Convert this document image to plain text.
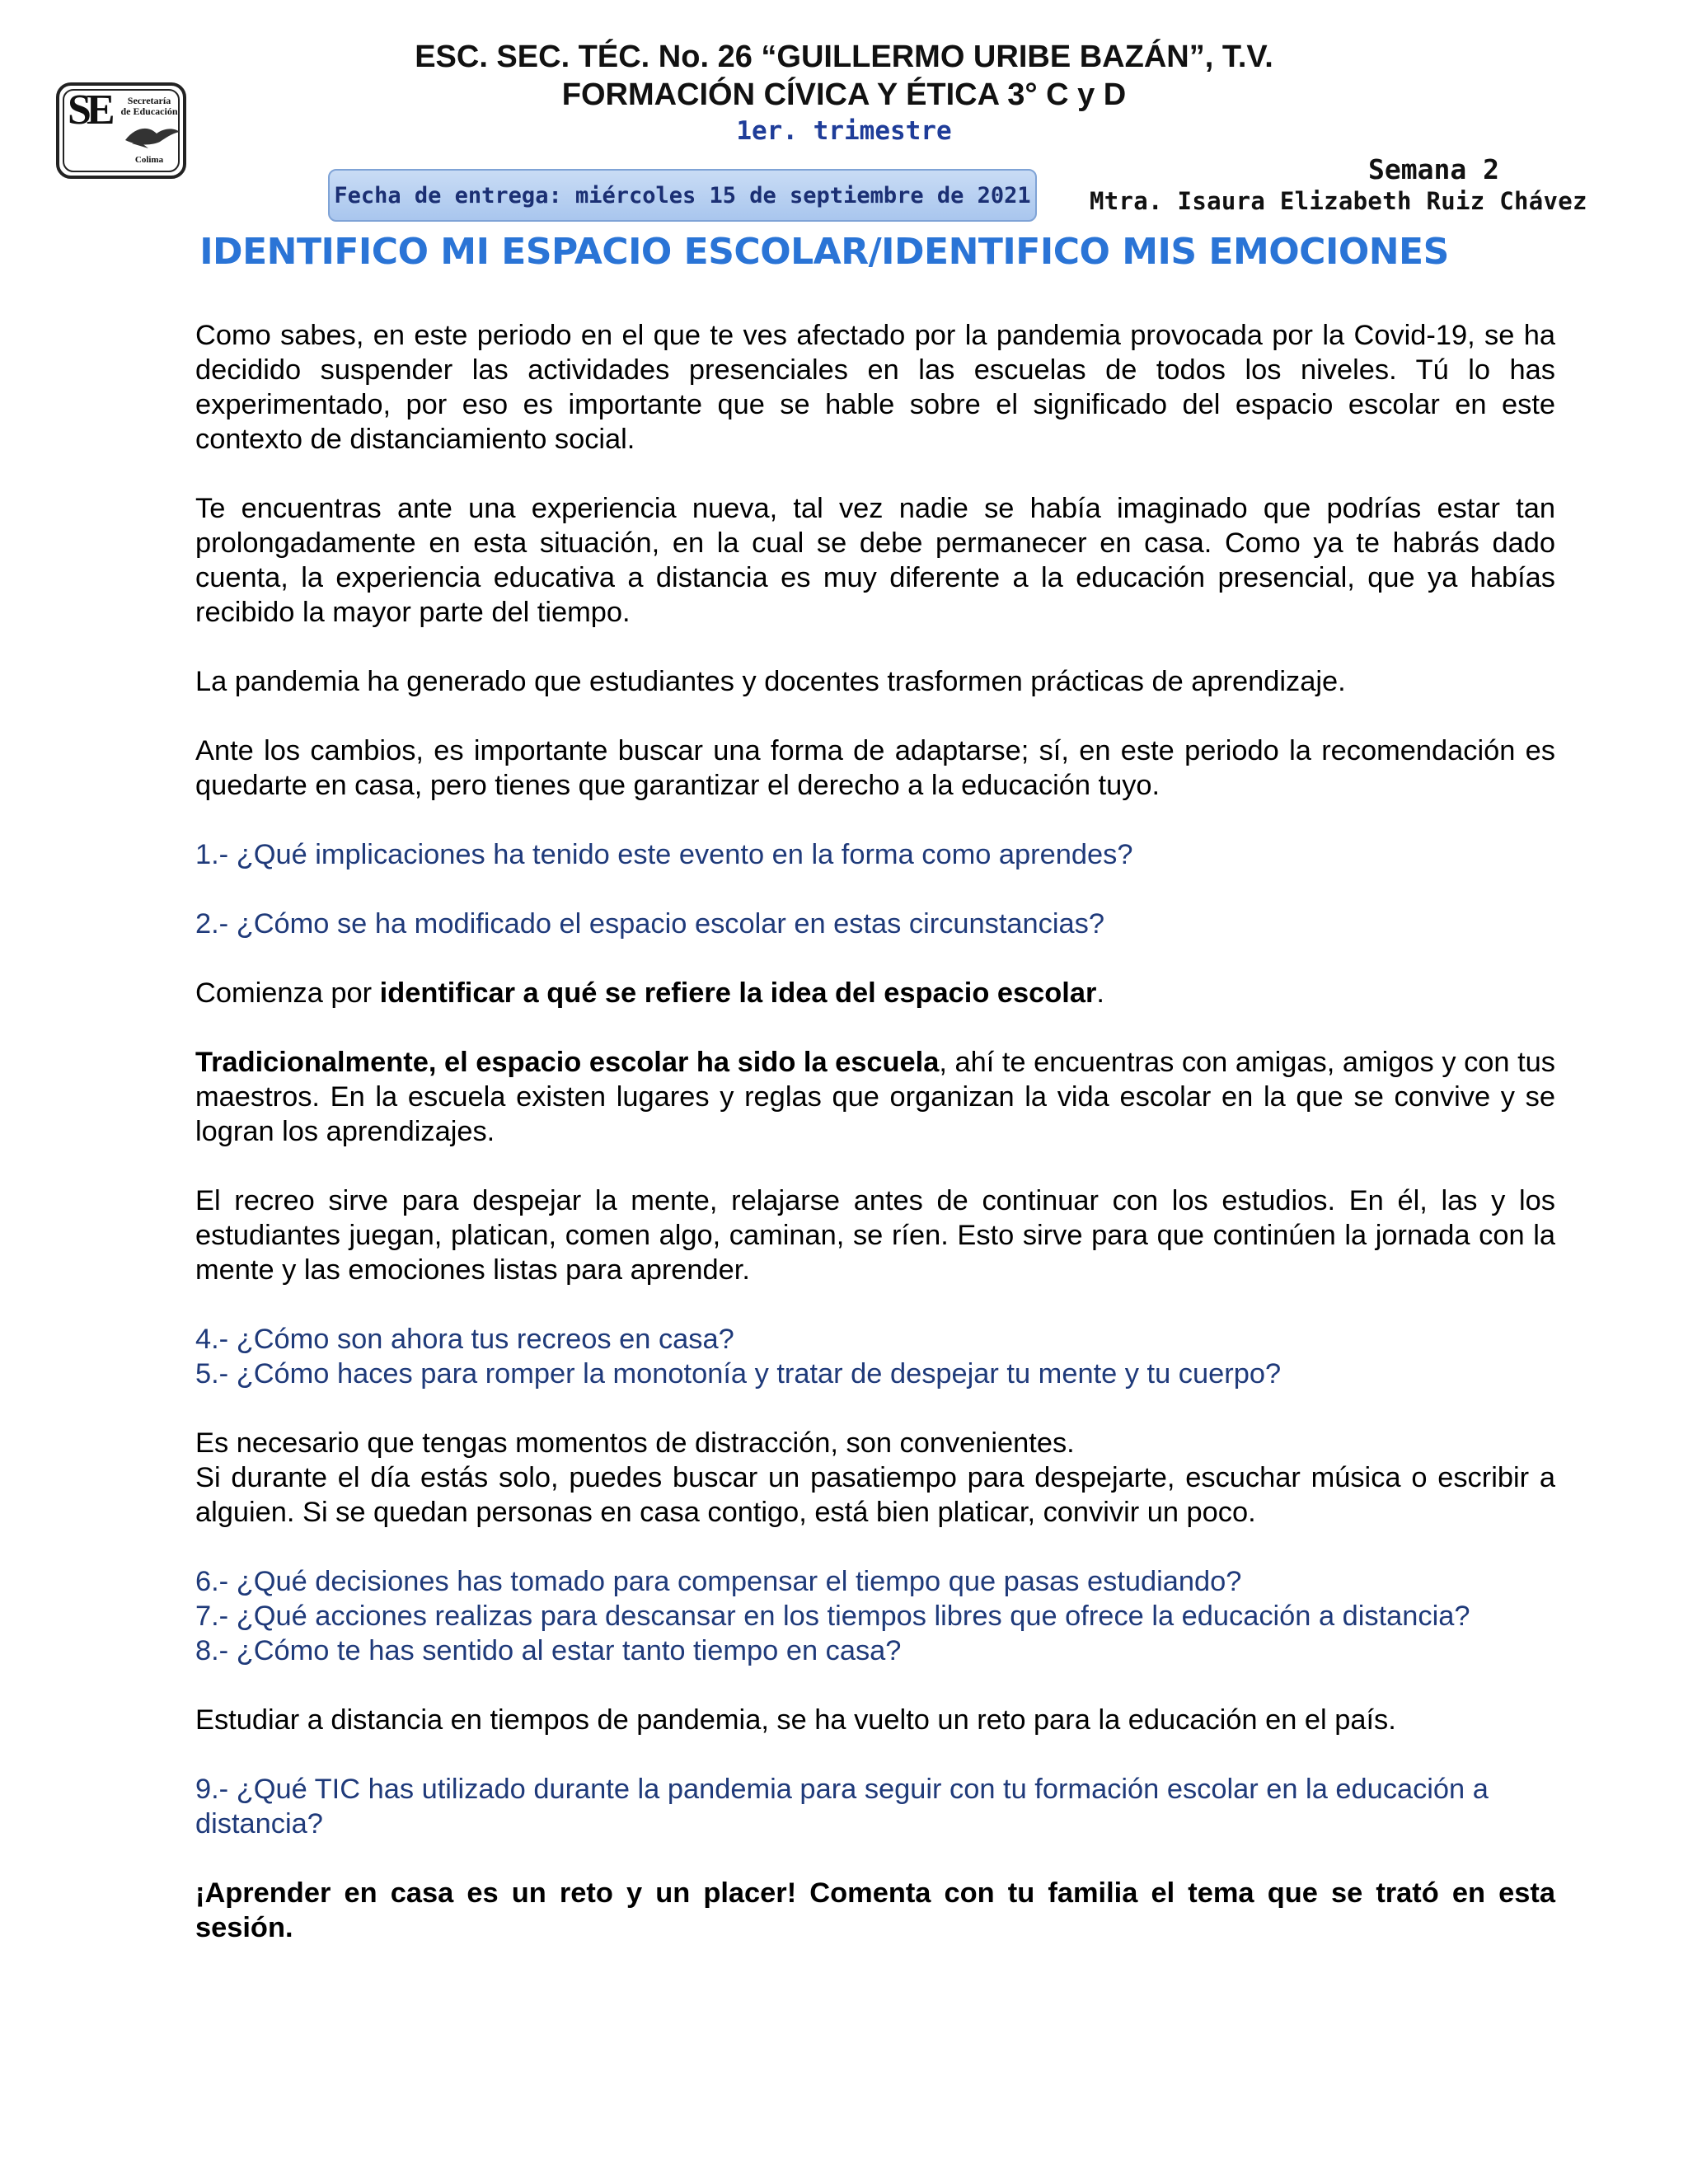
SE	Secretaría
de Educación
Colima
ESC. SEC. TÉC. No. 26 “GUILLERMO URIBE BAZÁN”, T.V.
FORMACIÓN CÍVICA Y ÉTICA 3° C y D
1er. trimestre
Semana 2
Fecha de entrega: miércoles 15 de septiembre de 2021 Mtra. Isaura Elizabeth Ruiz Chávez
IDENTIFICO MI ESPACIO ESCOLAR/IDENTIFICO MIS EMOCIONES

Como sabes, en este periodo en el que te ves afectado por la pandemia provocada por la Covid-19, se ha decidido suspender las actividades presenciales en las escuelas de todos los niveles. Tú lo has experimentado, por eso es importante que se hable sobre el significado del espacio escolar en este contexto de distanciamiento social.

Te encuentras ante una experiencia nueva, tal vez nadie se había imaginado que podrías estar tan prolongadamente en esta situación, en la cual se debe permanecer en casa. Como ya te habrás dado cuenta, la experiencia educativa a distancia es muy diferente a la educación presencial, que ya habías recibido la mayor parte del tiempo.

La pandemia ha generado que estudiantes y docentes trasformen prácticas de aprendizaje.

Ante los cambios, es importante buscar una forma de adaptarse; sí, en este periodo la recomendación es quedarte en casa, pero tienes que garantizar el derecho a la educación tuyo.

1.- ¿Qué implicaciones ha tenido este evento en la forma como aprendes?

2.- ¿Cómo se ha modificado el espacio escolar en estas circunstancias?

Comienza por identificar a qué se refiere la idea del espacio escolar.

Tradicionalmente, el espacio escolar ha sido la escuela, ahí te encuentras con amigas, amigos y con tus maestros. En la escuela existen lugares y reglas que organizan la vida escolar en la que se convive y se logran los aprendizajes.

El recreo sirve para despejar la mente, relajarse antes de continuar con los estudios. En él, las y los estudiantes juegan, platican, comen algo, caminan, se ríen. Esto sirve para que continúen la jornada con la mente y las emociones listas para aprender.

4.- ¿Cómo son ahora tus recreos en casa?

5.- ¿Cómo haces para romper la monotonía y tratar de despejar tu mente y tu cuerpo?

Es necesario que tengas momentos de distracción, son convenientes.

Si durante el día estás solo, puedes buscar un pasatiempo para despejarte, escuchar música o escribir a alguien. Si se quedan personas en casa contigo, está bien platicar, convivir un poco.

6.- ¿Qué decisiones has tomado para compensar el tiempo que pasas estudiando?

7.- ¿Qué acciones realizas para descansar en los tiempos libres que ofrece la educación a distancia?

8.- ¿Cómo te has sentido al estar tanto tiempo en casa?

Estudiar a distancia en tiempos de pandemia, se ha vuelto un reto para la educación en el país.

9.- ¿Qué TIC has utilizado durante la pandemia para seguir con tu formación escolar en la educación a distancia?

¡Aprender en casa es un reto y un placer! Comenta con tu familia el tema que se trató en esta sesión.
